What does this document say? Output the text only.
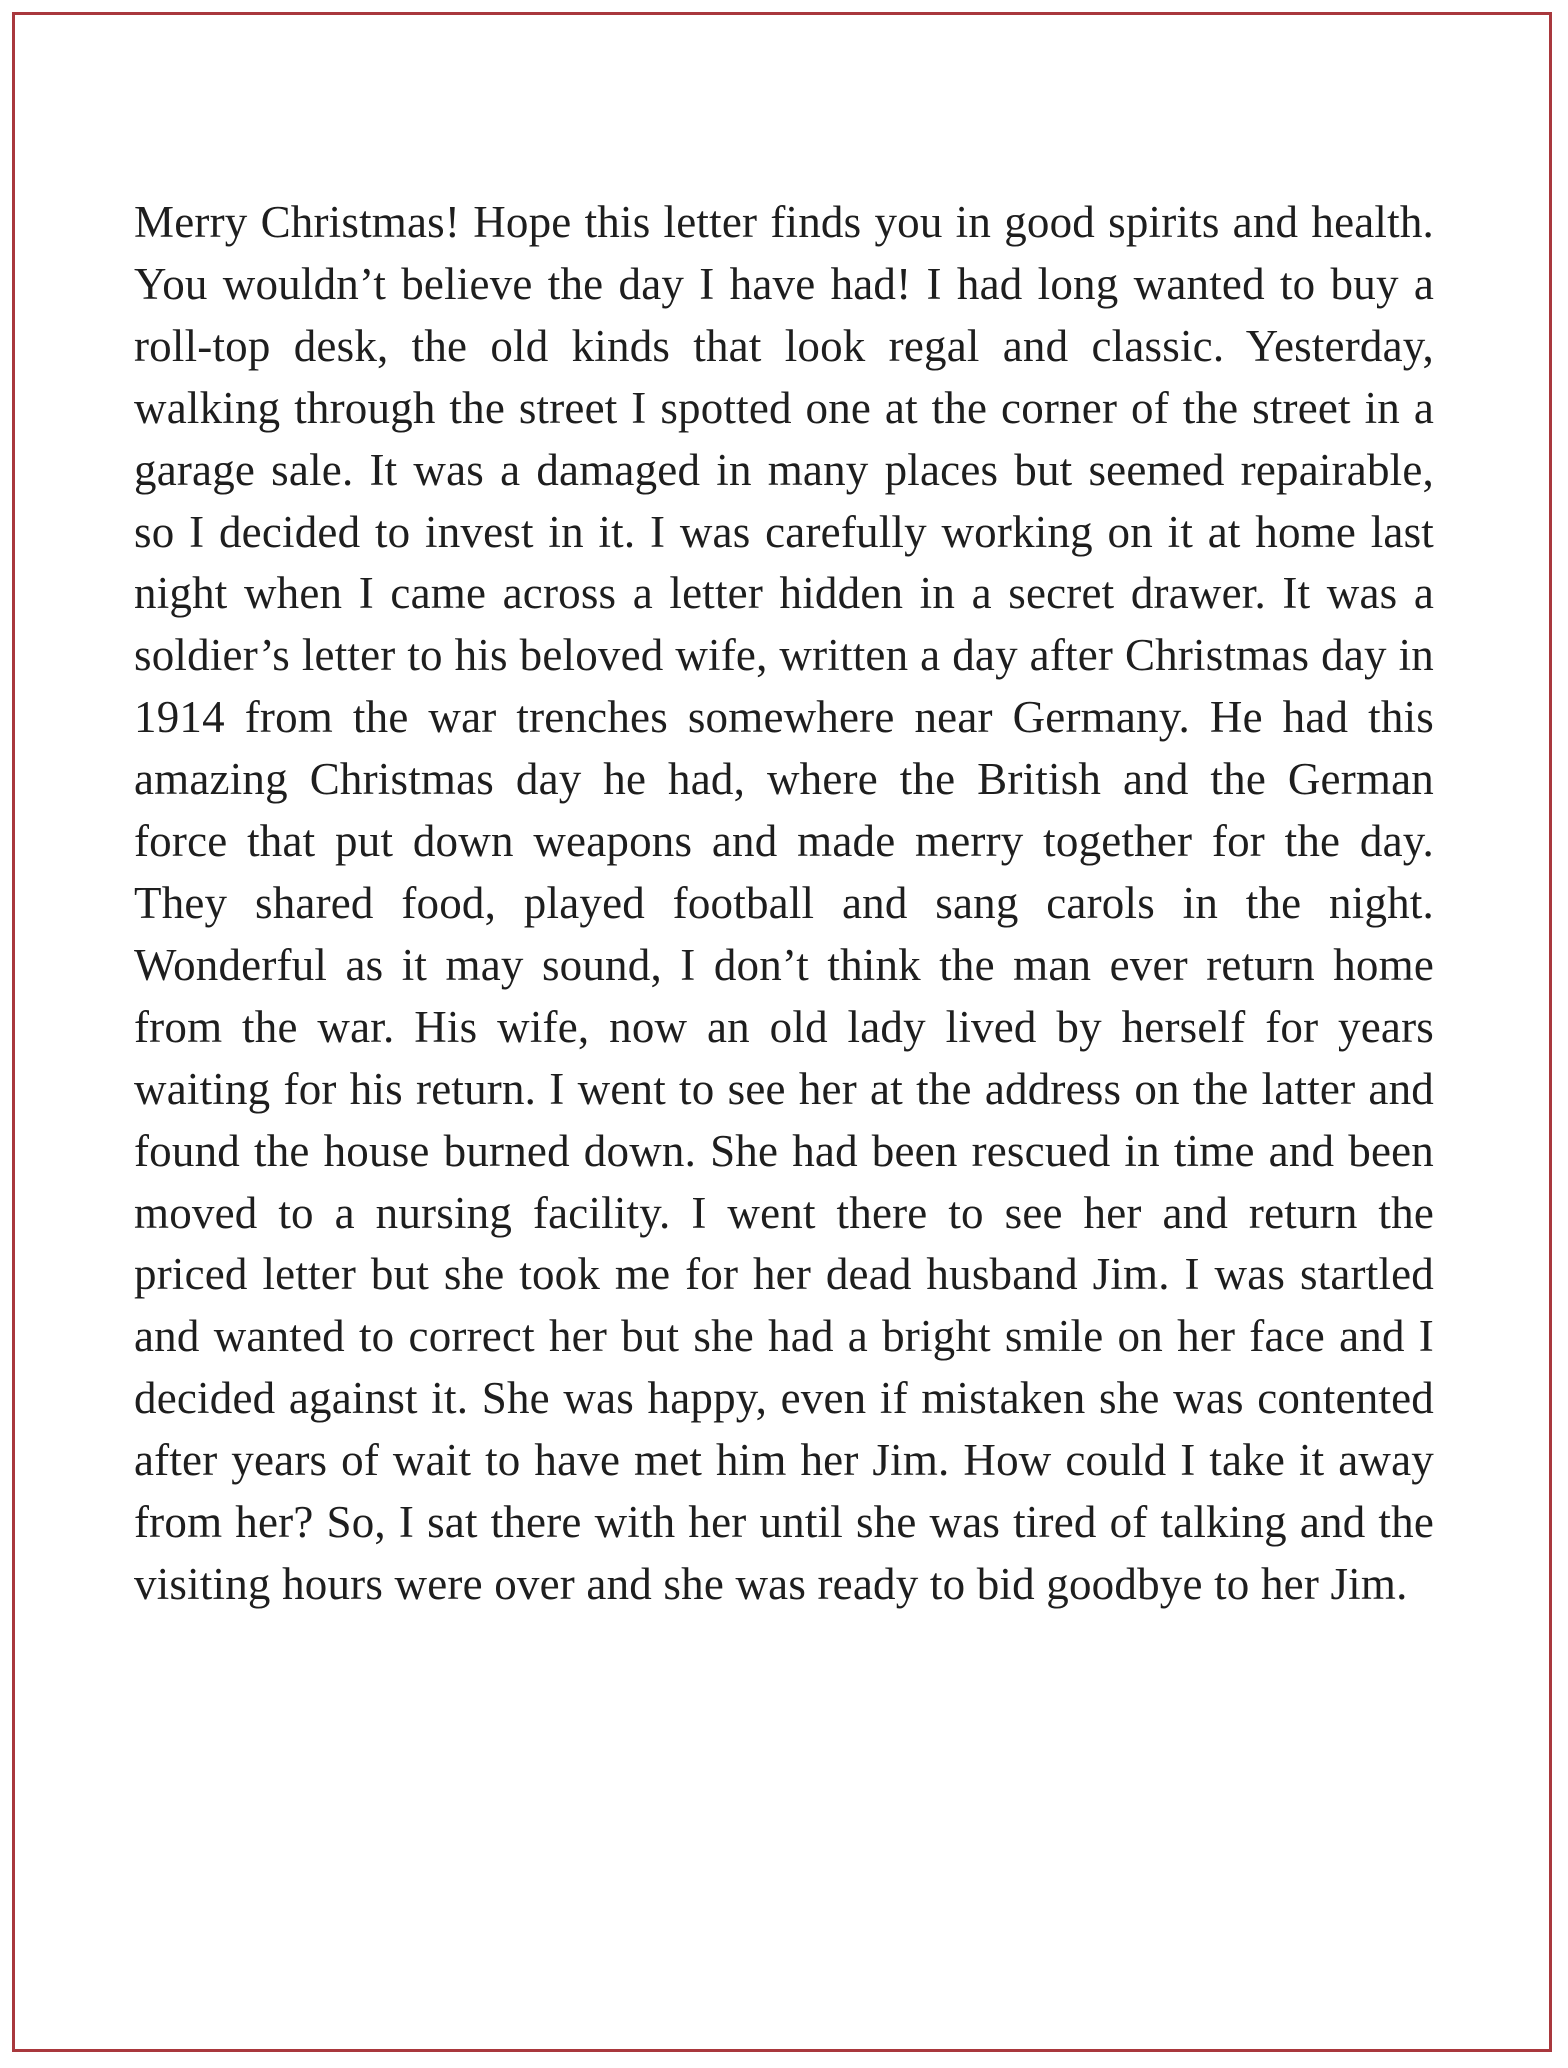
Merry Christmas! Hope this letter finds you in good spirits and health. You wouldn’t believe the day I have had! I had long wanted to buy a roll-top desk, the old kinds that look regal and classic. Yesterday, walking through the street I spotted one at the corner of the street in a garage sale. It was a damaged in many places but seemed repairable, so I decided to invest in it. I was carefully working on it at home last night when I came across a letter hidden in a secret drawer. It was a soldier’s letter to his beloved wife, written a day after Christmas day in 1914 from the war trenches somewhere near Germany. He had this amazing Christmas day he had, where the British and the German force that put down weapons and made merry together for the day. They shared food, played football and sang carols in the night. Wonderful as it may sound, I don’t think the man ever return home from the war. His wife, now an old lady lived by herself for years waiting for his return. I went to see her at the address on the latter and found the house burned down. She had been rescued in time and been moved to a nursing facility. I went there to see her and return the priced letter but she took me for her dead husband Jim. I was startled and wanted to correct her but she had a bright smile on her face and I decided against it. She was happy, even if mistaken she was contented after years of wait to have met him her Jim. How could I take it away from her? So, I sat there with her until she was tired of talking and the visiting hours were over and she was ready to bid goodbye to her Jim.
